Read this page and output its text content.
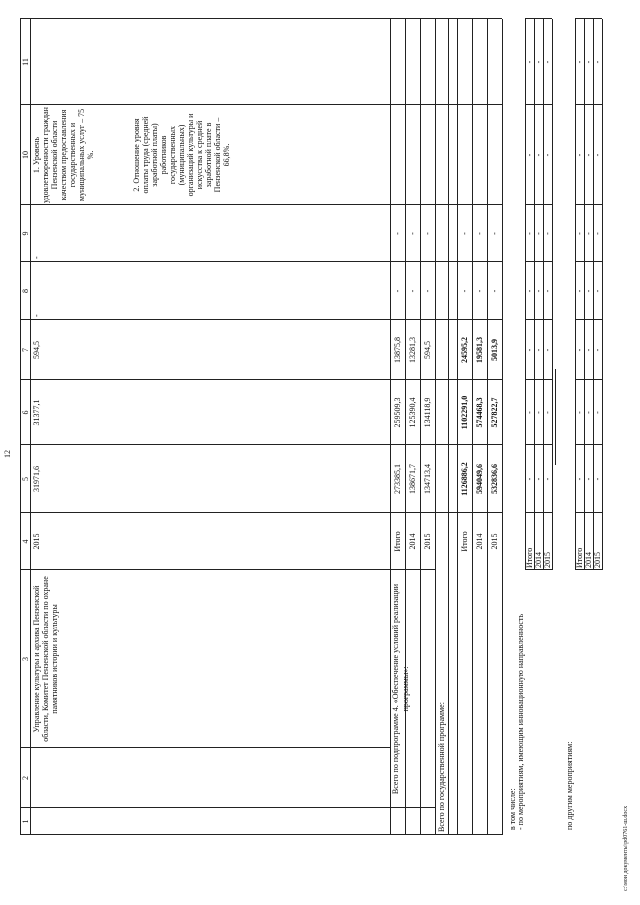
12
1
2
3
4
5
6
7
8
9
10
11
Управление культуры и архива Пензенской области, Комитет Пензенской области по охране памятников истории и культуры
2015
31971,6
31377,1
594,5
-
-
1. Уровень удовлетворенности граждан Пензенской области качеством предоставления государственных и муниципальных услуг – 75 %.	2. Отношение уровня оплаты труда (средней заработной платы) работников государственных (муниципальных) организаций культуры и искусства к средней заработной плате в Пензенской области – 66,8%.
Всего по подпрограмме 4. «Обеспечение условий реализации программы»:
Итого
273385,1
259509,3
13875,8
-
-
2014
138671,7
125390,4
13281,3
-
-
2015
134713,4
134118,9
594,5
-
-
Всего по государственной программе:
Итого
1126886,2
1102291,0
24595,2
-
-
2014
594049,6
574468,3
19581,3
-
-
2015
532836,6
527822,7
5013,9
-
-
в том числе: - по мероприятиям, имеющим инновационную направленность
Итого
-
-
-
-
-
-
-
2014
-
-
-
-
-
-
-
2015
-
-
-
-
-
-
-
по другим мероприятиям:
Итого
-
-
-
-
-
-
-
2014
-
-
-
-
-
-
-
2015
-
-
-
-
-
-
-
c:\мои документы\pd0761-ш.docx
